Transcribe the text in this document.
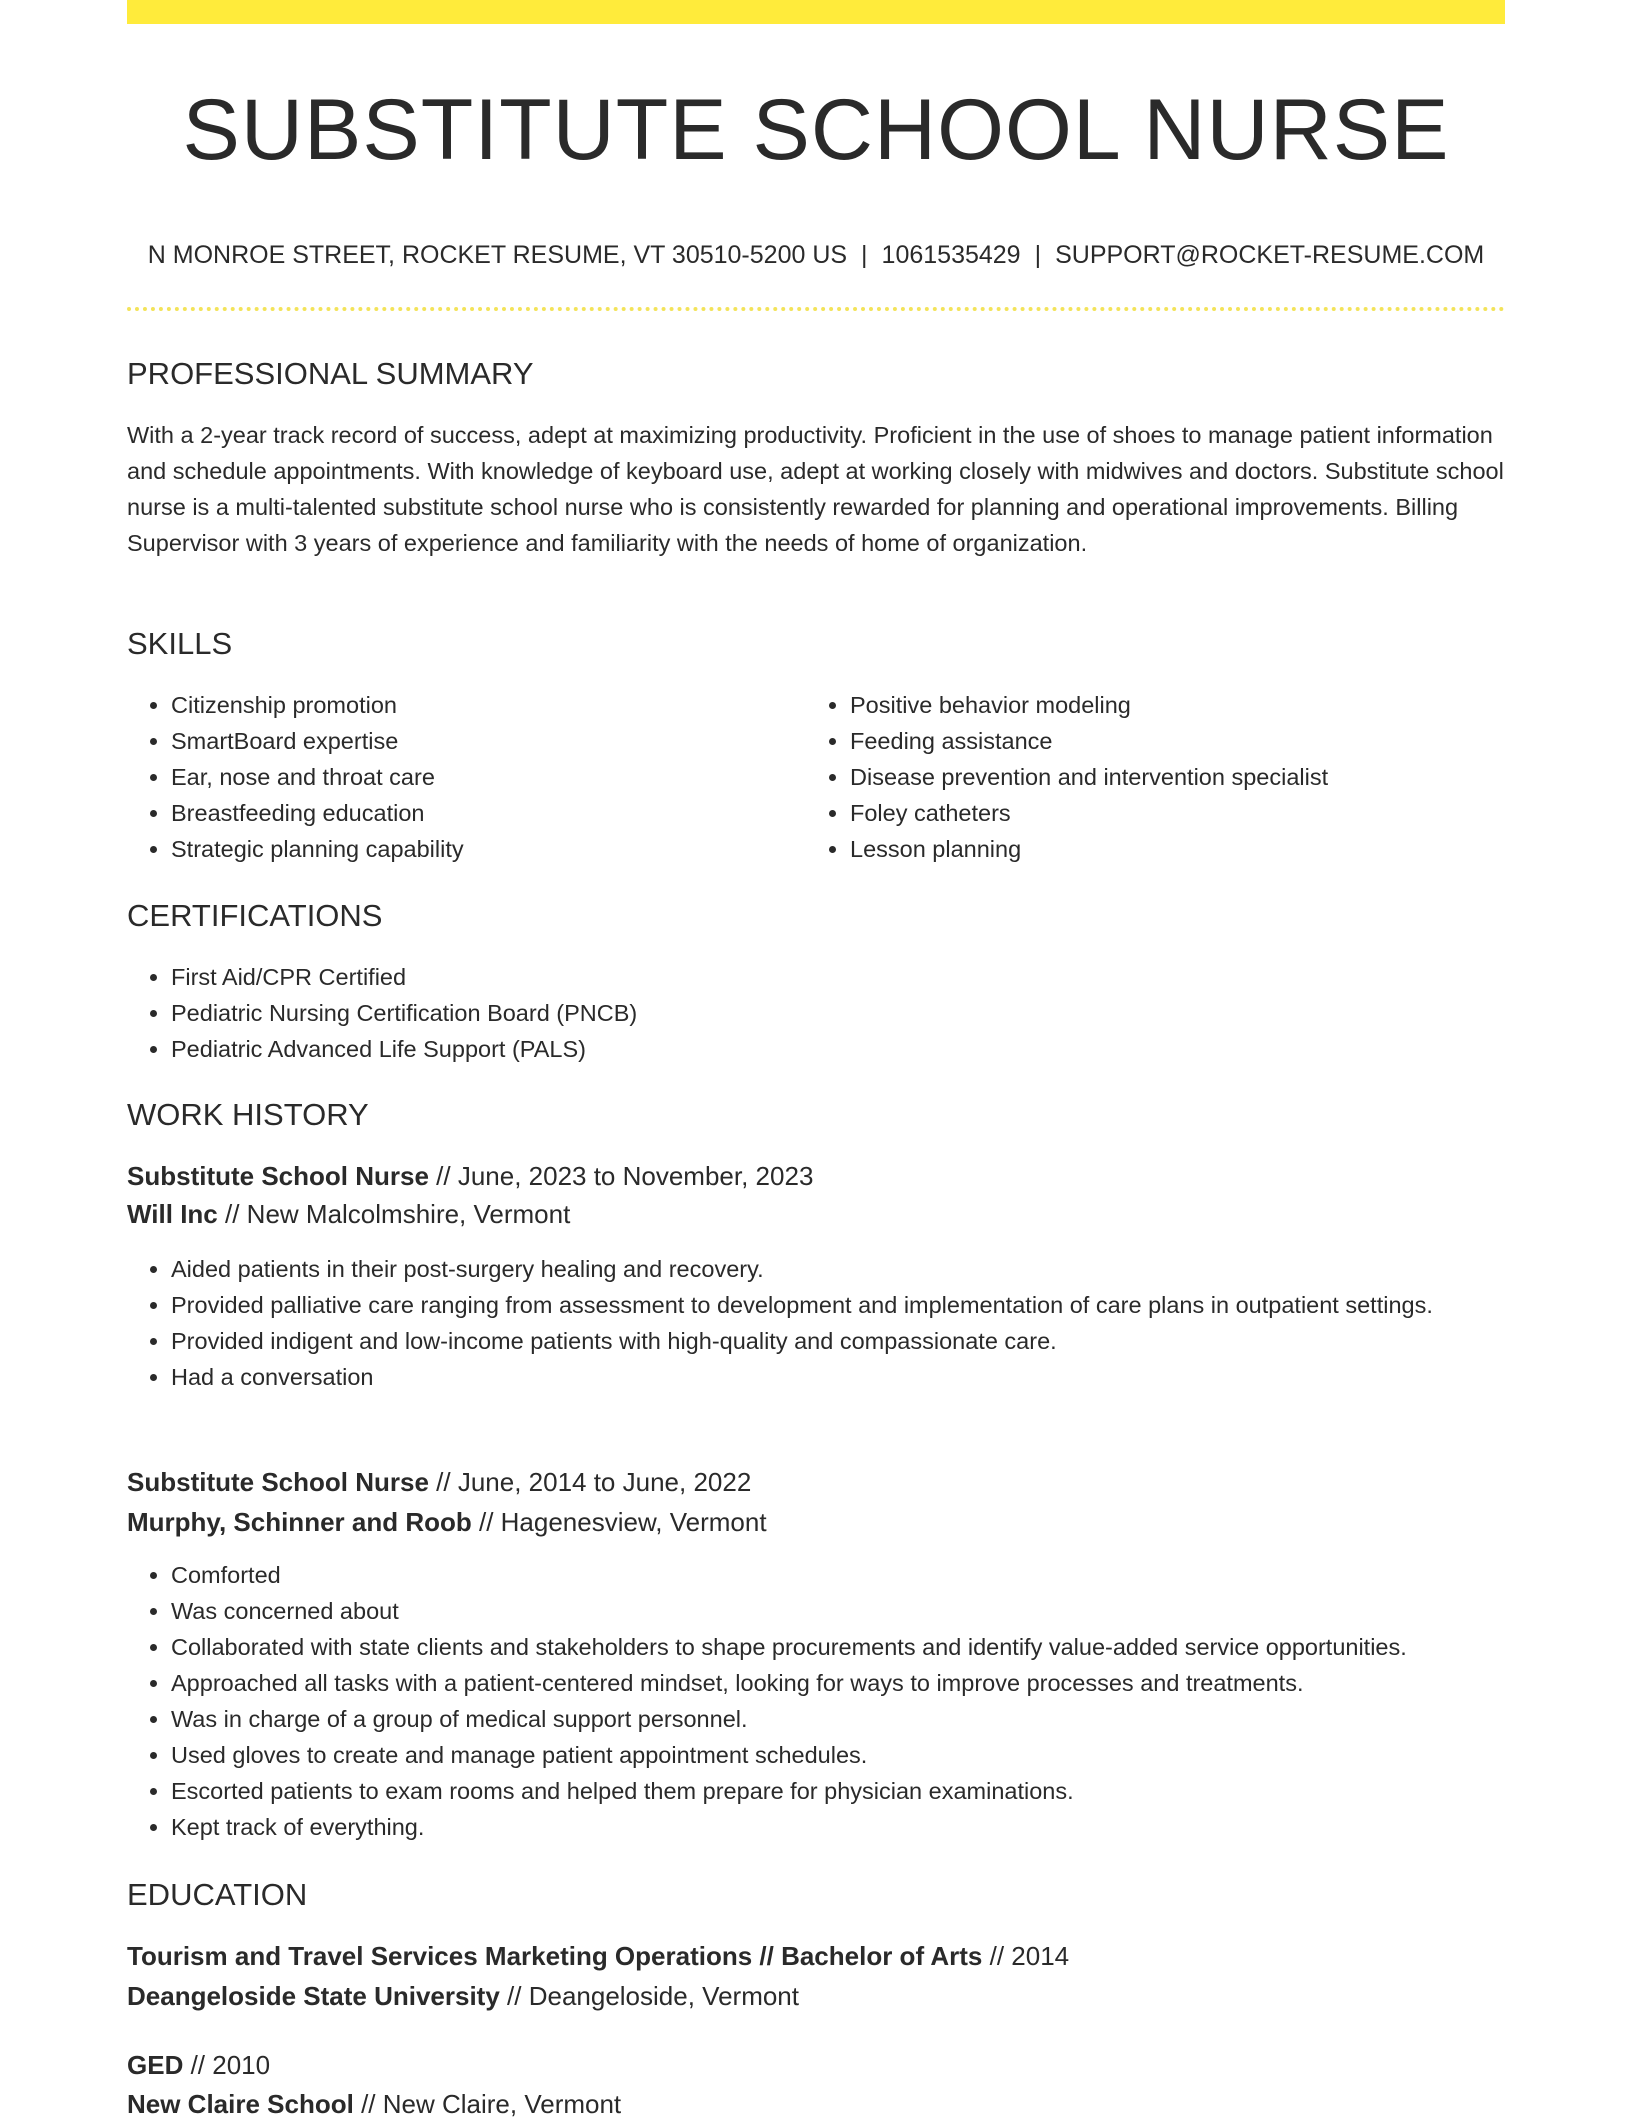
SUBSTITUTE SCHOOL NURSE
N MONROE STREET, ROCKET RESUME, VT 30510-5200 US | 1061535429 | SUPPORT@ROCKET-RESUME.COM
PROFESSIONAL SUMMARY

With a 2-year track record of success, adept at maximizing productivity. Proficient in the use of shoes to manage patient information and schedule appointments. With knowledge of keyboard use, adept at working closely with midwives and doctors. Substitute school nurse is a multi-talented substitute school nurse who is consistently rewarded for planning and operational improvements. Billing Supervisor with 3 years of experience and familiarity with the needs of home of organization.

SKILLS
• Citizenship promotion
• SmartBoard expertise
• Ear, nose and throat care
• Breastfeeding education
• Strategic planning capability
• Positive behavior modeling
• Feeding assistance
• Disease prevention and intervention specialist
• Foley catheters
• Lesson planning
CERTIFICATIONS
• First Aid/CPR Certified
• Pediatric Nursing Certification Board (PNCB)
• Pediatric Advanced Life Support (PALS)
WORK HISTORY
Substitute School Nurse // June, 2023 to November, 2023
Will Inc // New Malcolmshire, Vermont
• Aided patients in their post-surgery healing and recovery.
• Provided palliative care ranging from assessment to development and implementation of care plans in outpatient settings.
• Provided indigent and low-income patients with high-quality and compassionate care.
• Had a conversation
Substitute School Nurse // June, 2014 to June, 2022
Murphy, Schinner and Roob // Hagenesview, Vermont
• Comforted
• Was concerned about
• Collaborated with state clients and stakeholders to shape procurements and identify value-added service opportunities.
• Approached all tasks with a patient-centered mindset, looking for ways to improve processes and treatments.
• Was in charge of a group of medical support personnel.
• Used gloves to create and manage patient appointment schedules.
• Escorted patients to exam rooms and helped them prepare for physician examinations.
• Kept track of everything.
EDUCATION
Tourism and Travel Services Marketing Operations // Bachelor of Arts // 2014
Deangeloside State University // Deangeloside, Vermont
GED // 2010
New Claire School // New Claire, Vermont
